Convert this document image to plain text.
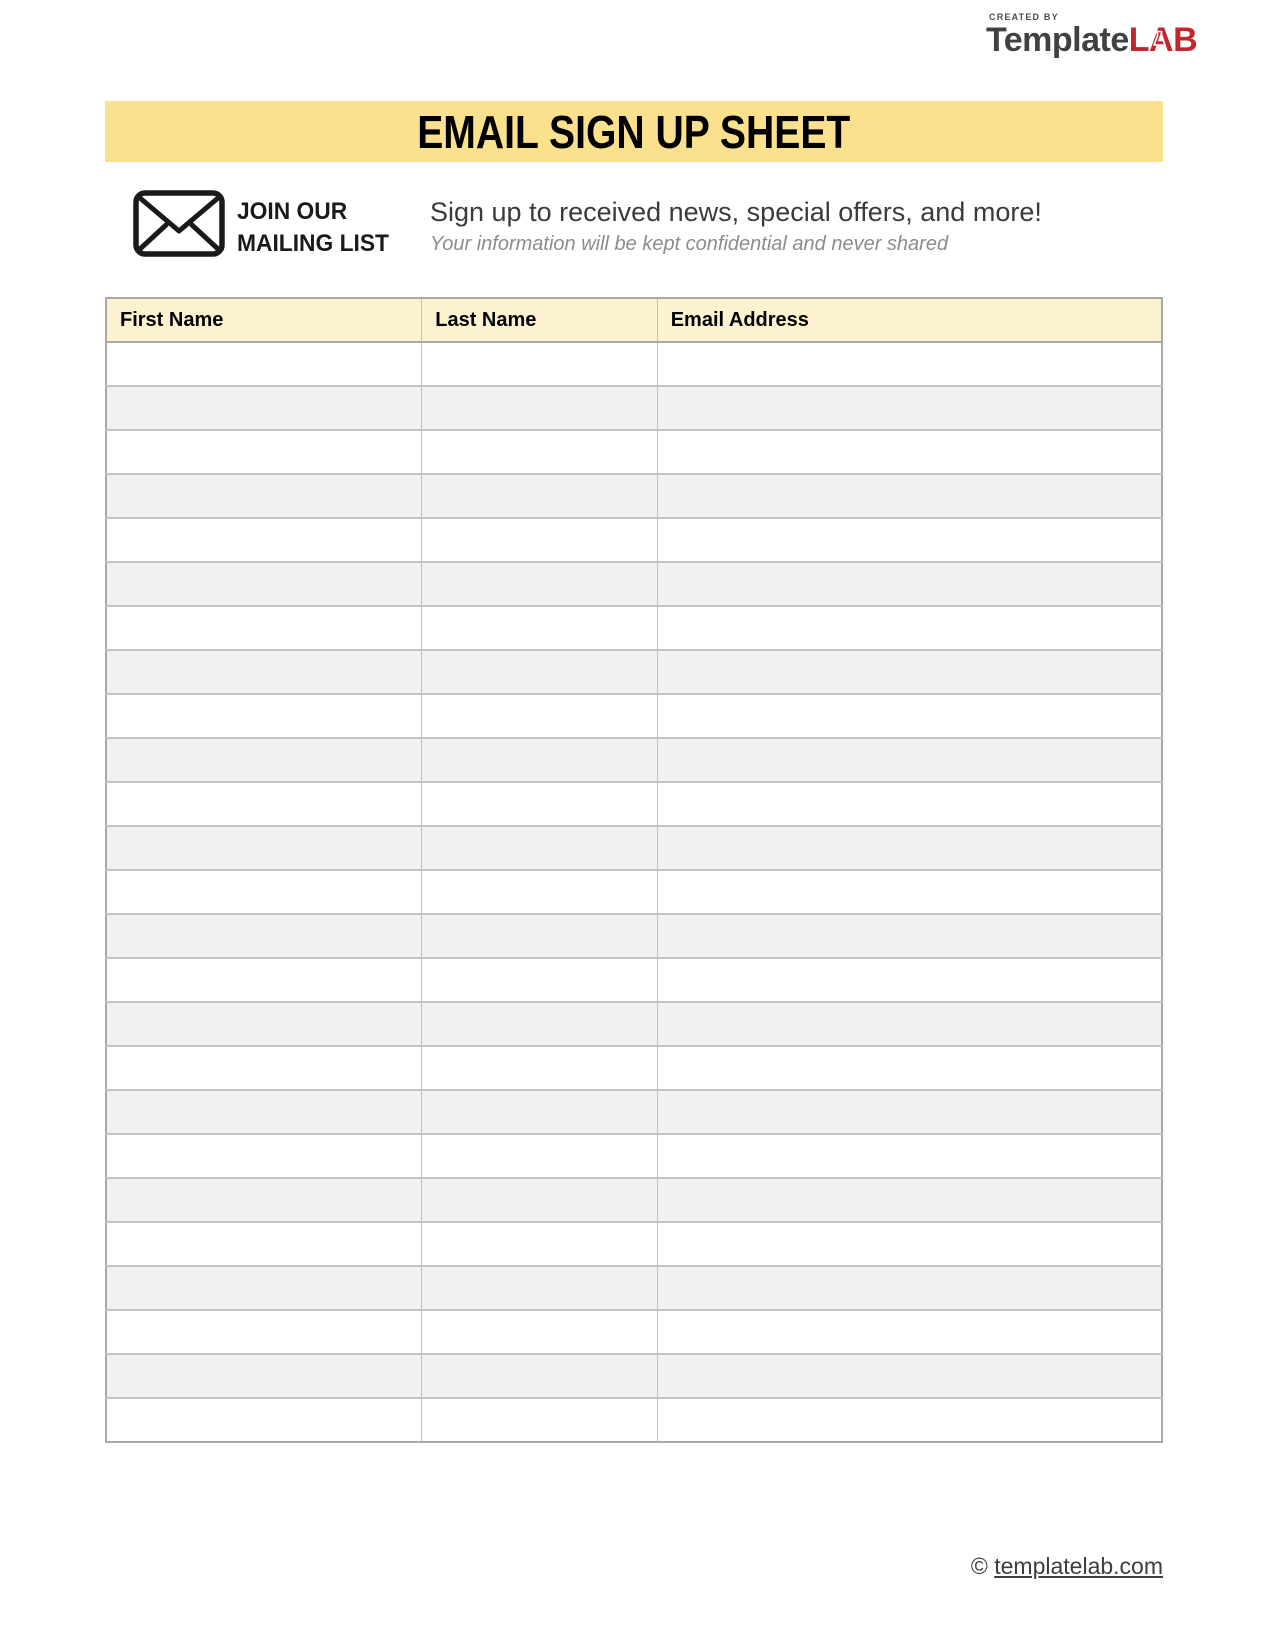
CREATED BY
TemplateLAB
EMAIL SIGN UP SHEET
JOIN OUR
MAILING LIST
Sign up to received news, special offers, and more!
Your information will be kept confidential and never shared
First Name	Last Name	Email Address

© templatelab.com
